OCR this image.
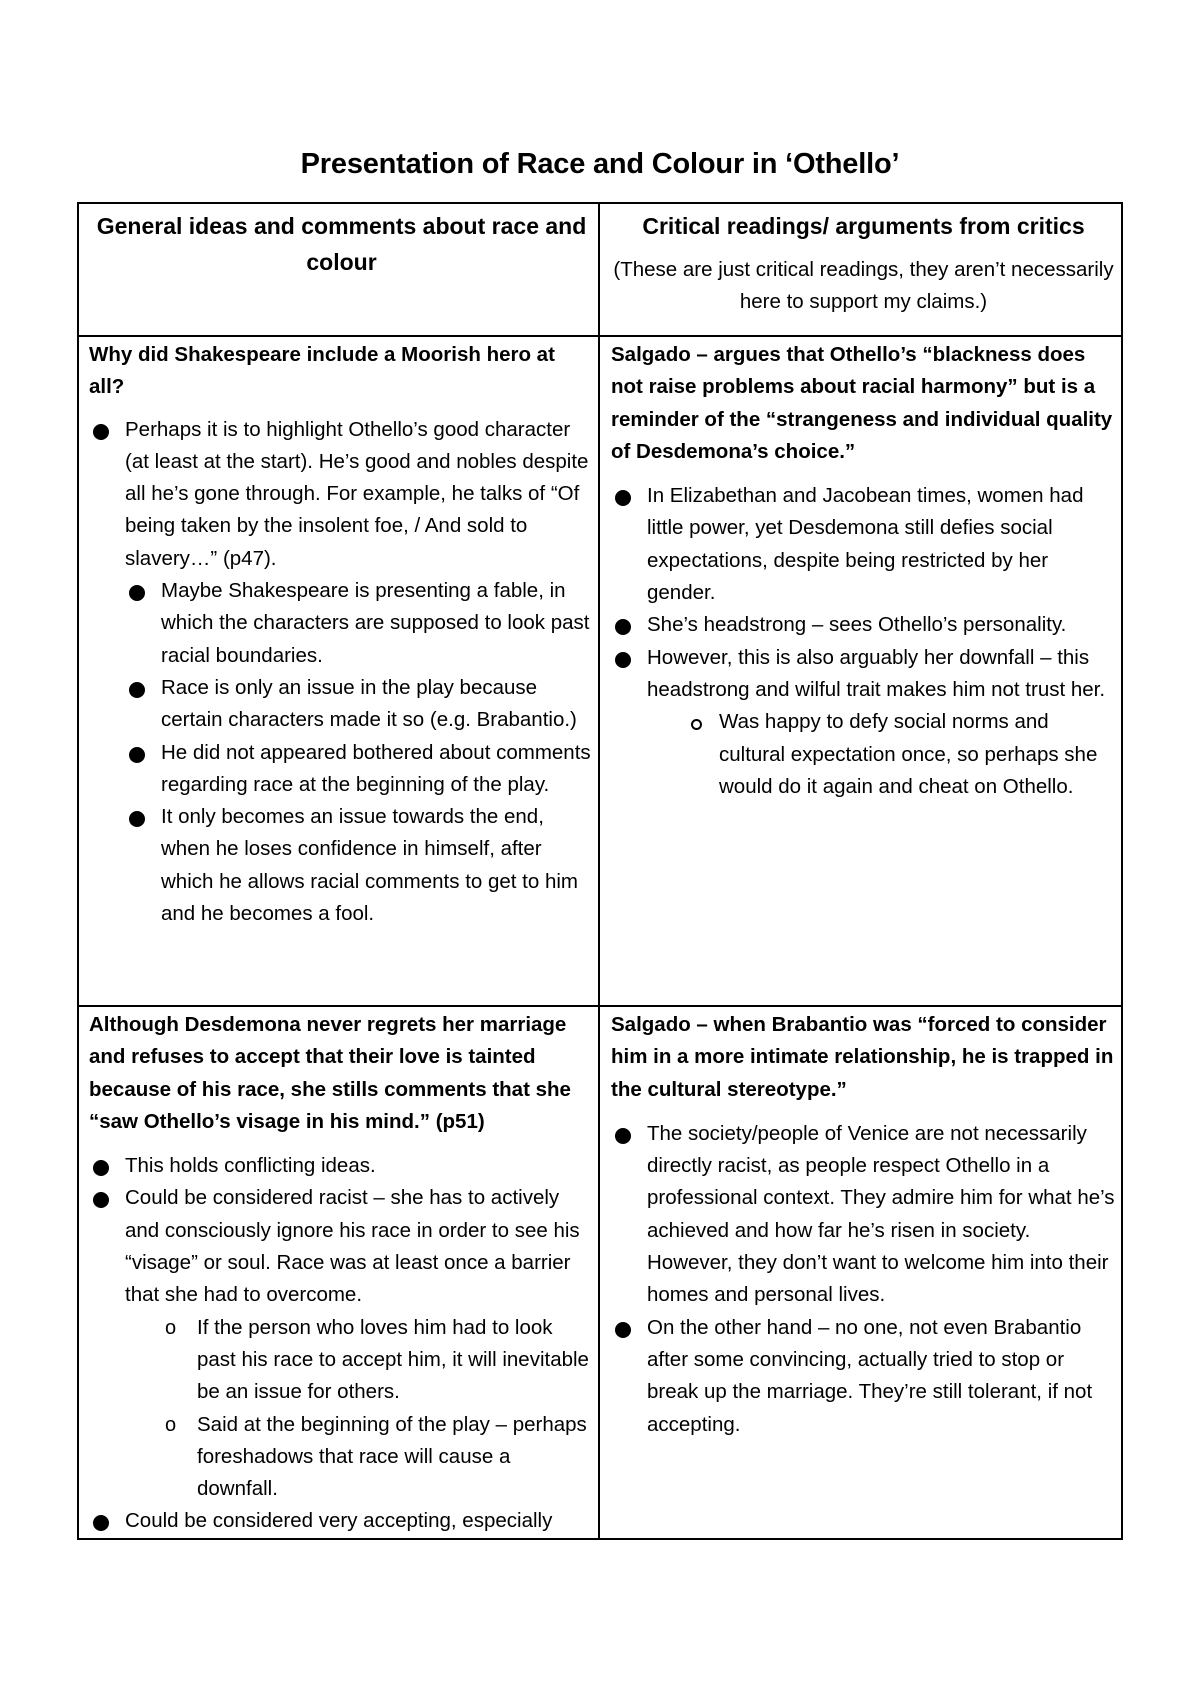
Presentation of Race and Colour in ‘Othello’
General ideas and comments about race and colour
Critical readings/ arguments from critics
(These are just critical readings, they aren’t necessarily here to support my claims.)
Why did Shakespeare include a Moorish hero at all?
Perhaps it is to highlight Othello’s good character (at least at the start). He’s good and nobles despite all he’s gone through. For example, he talks of “Of being taken by the insolent foe, / And sold to slavery…” (p47).
Maybe Shakespeare is presenting a fable, in which the characters are supposed to look past racial boundaries.
Race is only an issue in the play because certain characters made it so (e.g. Brabantio.)
He did not appeared bothered about comments regarding race at the beginning of the play.
It only becomes an issue towards the end, when he loses confidence in himself, after which he allows racial comments to get to him and he becomes a fool.
Salgado – argues that Othello’s “blackness does not raise problems about racial harmony” but is a reminder of the “strangeness and individual quality of Desdemona’s choice.”
In Elizabethan and Jacobean times, women had little power, yet Desdemona still defies social expectations, despite being restricted by her gender.
She’s headstrong – sees Othello’s personality.
However, this is also arguably her downfall – this headstrong and wilful trait makes him not trust her.
Was happy to defy social norms and cultural expectation once, so perhaps she would do it again and cheat on Othello.
Although Desdemona never regrets her marriage and refuses to accept that their love is tainted because of his race, she stills comments that she “saw Othello’s visage in his mind.” (p51)
This holds conflicting ideas.
Could be considered racist – she has to actively and consciously ignore his race in order to see his “visage” or soul. Race was at least once a barrier that she had to overcome.
o If the person who loves him had to look past his race to accept him, it will inevitable be an issue for others.
o Said at the beginning of the play – perhaps foreshadows that race will cause a downfall.
Could be considered very accepting, especially
Salgado – when Brabantio was “forced to consider him in a more intimate relationship, he is trapped in the cultural stereotype.”
The society/people of Venice are not necessarily directly racist, as people respect Othello in a professional context. They admire him for what he’s achieved and how far he’s risen in society. However, they don’t want to welcome him into their homes and personal lives.
On the other hand – no one, not even Brabantio after some convincing, actually tried to stop or break up the marriage. They’re still tolerant, if not accepting.
